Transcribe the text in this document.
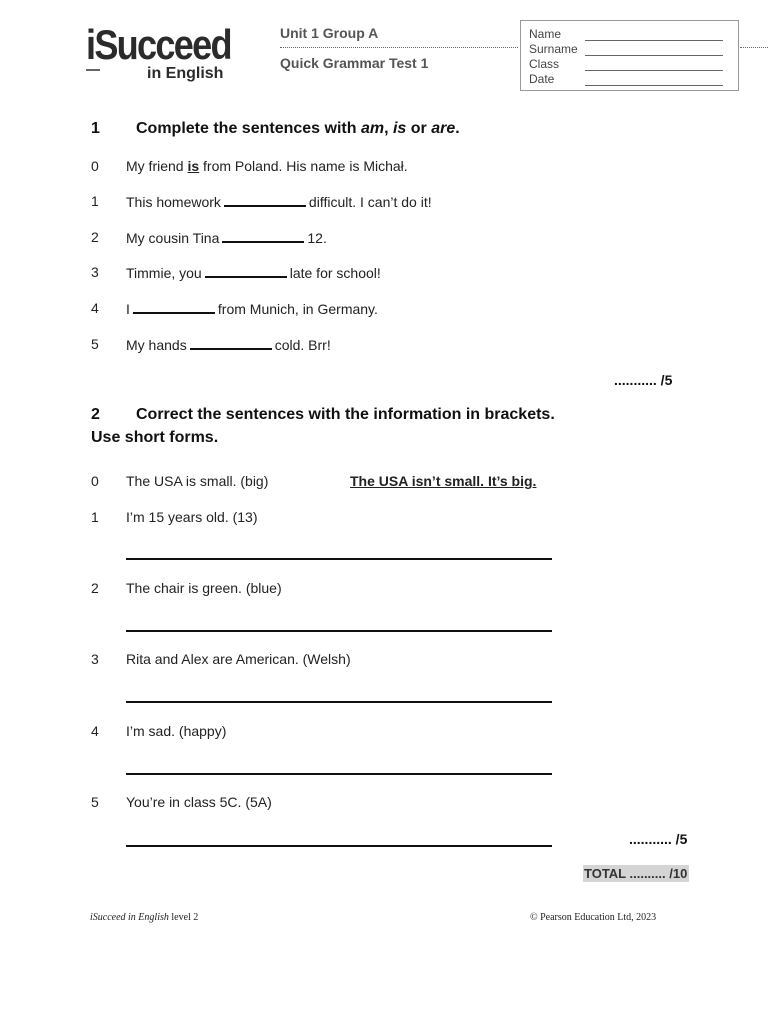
iSucceed
in English
Unit 1 Group A
Quick Grammar Test 1
Name
Surname
Class
Date
1 Complete the sentences with am, is or are.
0	My friend is from Poland. His name is Michał.
1	This homework	difficult. I can’t do it!
2	My cousin Tina	12.
3	Timmie, you	late for school!
4	I	from Munich, in Germany.
5	My hands	cold. Brr!
........... /5
2 Correct the sentences with the information in brackets.
Use short forms.
0	The USA is small. (big)	The USA isn’t small. It’s big.
1	I’m 15 years old. (13)
2	The chair is green. (blue)
3	Rita and Alex are American. (Welsh)
4	I’m sad. (happy)
5	You’re in class 5C. (5A)
........... /5
TOTAL .......... /10
iSucceed in English level 2	© Pearson Education Ltd, 2023
